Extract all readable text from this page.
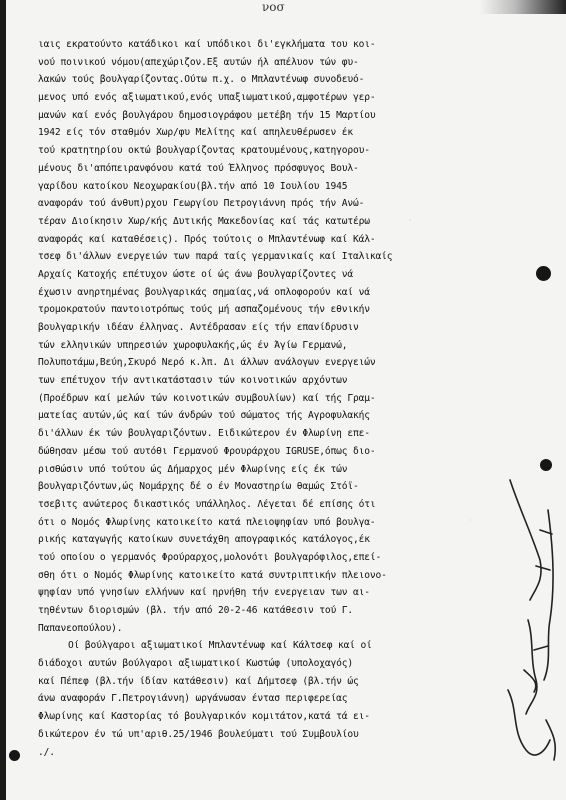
νοσ
ιαις εκρατούντο κατάδικοι καί υπόδικοι δι'εγκλήματα του κοι-
νού ποινικού νόμου(απεχώριζον.Εξ αυτών ήλ απέλυον τών φυ-
λακών τούς βουλγαρίζοντας.Ούτω π.χ. ο Μπλαντένωφ συνοδευό-
μενος υπό ενός αξιωματικού,ενός υπαξιωματικού,αμφοτέρων γερ-
μανών καί ενός βουλγάρου δημοσιογράφου μετέβη τήν 15 Μαρτίου
1942 είς τόν σταθμόν Χωρ/φυ Μελίτης καί απηλευθέρωσεν έκ
τού κρατητηρίου οκτώ βουλγαρίζοντας κρατουμένους,κατηγορου-
μένους δι'απόπειρανφόνου κατά τού Έλληνος πρόσφυγος Βουλ-
γαρίδου κατοίκου Νεοχωρακίου(βλ.τήν από 10 Ιουλίου 1945
αναφοράν τού άνθυπ)ρχου Γεωργίου Πετρογιάννη πρός τήν Ανώ-
τέραν Διοίκησιν Χωρ/κής Δυτικής Μακεδονίας καί τάς κατωτέρω
αναφοράς καί καταθέσεις). Πρός τούτοις ο Μπλαντένωφ καί Κάλ-
τσεφ δι'άλλων ενεργειών των παρά ταίς γερμανικαίς καί Ιταλικαίς
Αρχαίς Κατοχής επέτυχον ώστε οί ώς άνω βουλγαρίζοντες νά
έχωσιν ανηρτημένας βουλγαρικάς σημαίας,νά οπλοφορούν καί νά
τρομοκρατούν παντοιοτρόπως τούς μή ασπαζομένους τήν εθνικήν
βουλγαρικήν ιδέαν έλληνας. Αντέδρασαν είς τήν επανίδρυσιν
τών ελληνικών υπηρεσιών χωροφυλακής,ώς έν Άγίω Γερμανώ,
Πολυποτάμω,Βεύη,Σκυρό Νερό κ.λπ. Δι άλλων ανάλογων ενεργειών
των επέτυχον τήν αντικατάστασιν τών κοινοτικών αρχόντων
(Προέδρων καί μελών τών κοινοτικών συμβουλίων) καί τής Γραμ-
ματείας αυτών,ώς καί τών άνδρών τού σώματος τής Αγροφυλακής
δι'άλλων έκ τών βουλγαριζόντων. Ειδικώτερον έν Φλωρίνη επε-
δώθησαν μέσω τού αυτόθι Γερμανού Φρουράρχου IGRUSE,όπως διο-
ρισθώσιν υπό τούτου ώς Δήμαρχος μέν Φλωρίνης είς έκ τών
βουλγαριζόντων,ώς Νομάρχης δέ ο έν Μοναστηρίω θαμώς Στόϊ-
τσεβιτς ανώτερος δικαστικός υπάλληλος. Λέγεται δέ επίσης ότι
ότι ο Νομός Φλωρίνης κατοικείτο κατά πλειοψηφίαν υπό βουλγα-
ρικής καταγωγής κατοίκων συνετάχθη απογραφικός κατάλογος,έκ
τού οποίου ο γερμανός Φρούραρχος,μολονότι βουλγαρόφιλος,επεί-
σθη ότι ο Νομός Φλωρίνης κατοικείτο κατά συντριπτικήν πλειονο-
ψηφίαν υπό γνησίων ελλήνων καί ηρνήθη τήν ενεργειαν των αι-
τηθέντων διορισμών (βλ. τήν από 20-2-46 κατάθεσιν τού Γ.
Παπανεοπούλου).
Οί βούλγαροι αξιωματικοί Μπλαντένωφ καί Κάλτσεφ καί οί
διάδοχοι αυτών βούλγαροι αξιωματικοί Κωστώφ (υπολοχαγός)
καί Πέπεφ (βλ.τήν ίδίαν κατάθεσιν) καί Δήμτσεφ (βλ.τήν ώς
άνω αναφοράν Γ.Πετρογιάννη) ωργάνωσαν έντασ περιφερείας
Φλωρίνης καί Καστορίας τό βουλγαρικόν κομιτάτον,κατά τά ει-
δικώτερον έν τώ υπ'αριθ.25/1946 βουλεύματι τού Συμβουλίου
./.
